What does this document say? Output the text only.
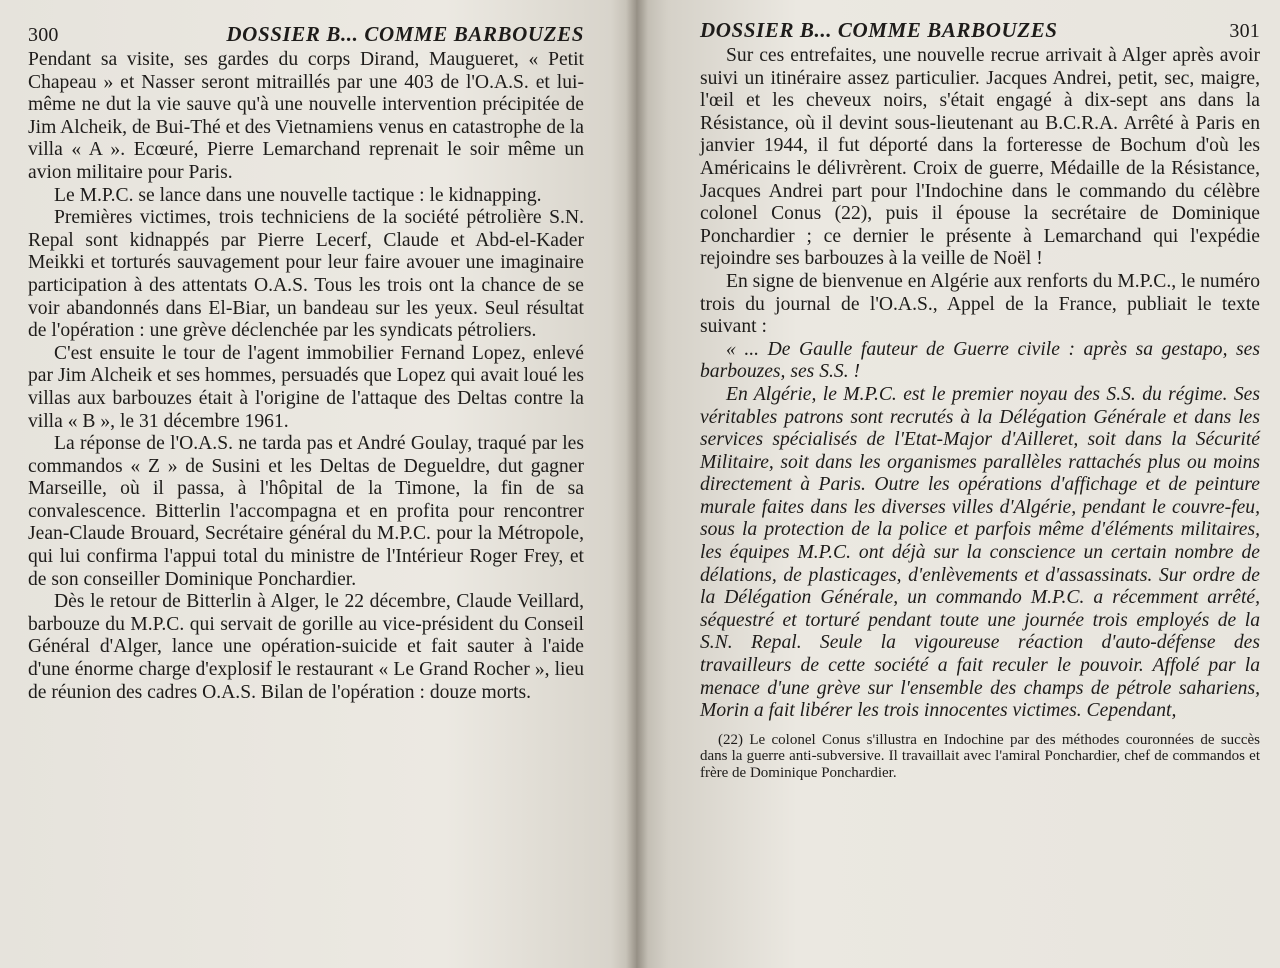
300	DOSSIER B... COMME BARBOUZES

Pendant sa visite, ses gardes du corps Dirand, Maugueret, « Petit Chapeau » et Nasser seront mitraillés par une 403 de l'O.A.S. et lui-même ne dut la vie sauve qu'à une nouvelle intervention précipitée de Jim Alcheik, de Bui-Thé et des Vietnamiens venus en catastrophe de la villa « A ». Ecœuré, Pierre Lemarchand reprenait le soir même un avion militaire pour Paris.

Le M.P.C. se lance dans une nouvelle tactique : le kidnapping.

Premières victimes, trois techniciens de la société pétrolière S.N. Repal sont kidnappés par Pierre Lecerf, Claude et Abd-el-Kader Meikki et torturés sauvagement pour leur faire avouer une imaginaire participation à des attentats O.A.S. Tous les trois ont la chance de se voir abandonnés dans El-Biar, un bandeau sur les yeux. Seul résultat de l'opération : une grève déclenchée par les syndicats pétroliers.

C'est ensuite le tour de l'agent immobilier Fernand Lopez, enlevé par Jim Alcheik et ses hommes, persuadés que Lopez qui avait loué les villas aux barbouzes était à l'origine de l'attaque des Deltas contre la villa « B », le 31 décembre 1961.

La réponse de l'O.A.S. ne tarda pas et André Goulay, traqué par les commandos « Z » de Susini et les Deltas de Degueldre, dut gagner Marseille, où il passa, à l'hôpital de la Timone, la fin de sa convalescence. Bitterlin l'accompagna et en profita pour rencontrer Jean-Claude Brouard, Secrétaire général du M.P.C. pour la Métropole, qui lui confirma l'appui total du ministre de l'Intérieur Roger Frey, et de son conseiller Dominique Ponchardier.

Dès le retour de Bitterlin à Alger, le 22 décembre, Claude Veillard, barbouze du M.P.C. qui servait de gorille au vice-président du Conseil Général d'Alger, lance une opération-suicide et fait sauter à l'aide d'une énorme charge d'explosif le restaurant « Le Grand Rocher », lieu de réunion des cadres O.A.S. Bilan de l'opération : douze morts.

DOSSIER B... COMME BARBOUZES	301

Sur ces entrefaites, une nouvelle recrue arrivait à Alger après avoir suivi un itinéraire assez particulier. Jacques Andrei, petit, sec, maigre, l'œil et les cheveux noirs, s'était engagé à dix-sept ans dans la Résistance, où il devint sous-lieutenant au B.C.R.A. Arrêté à Paris en janvier 1944, il fut déporté dans la forteresse de Bochum d'où les Américains le délivrèrent. Croix de guerre, Médaille de la Résistance, Jacques Andrei part pour l'Indochine dans le commando du célèbre colonel Conus (22), puis il épouse la secrétaire de Dominique Ponchardier ; ce dernier le présente à Lemarchand qui l'expédie rejoindre ses barbouzes à la veille de Noël !

En signe de bienvenue en Algérie aux renforts du M.P.C., le numéro trois du journal de l'O.A.S., Appel de la France, publiait le texte suivant :

« ... De Gaulle fauteur de Guerre civile : après sa gestapo, ses barbouzes, ses S.S. !

En Algérie, le M.P.C. est le premier noyau des S.S. du régime. Ses véritables patrons sont recrutés à la Délégation Générale et dans les services spécialisés de l'Etat-Major d'Ailleret, soit dans la Sécurité Militaire, soit dans les organismes parallèles rattachés plus ou moins directement à Paris. Outre les opérations d'affichage et de peinture murale faites dans les diverses villes d'Algérie, pendant le couvre-feu, sous la protection de la police et parfois même d'éléments militaires, les équipes M.P.C. ont déjà sur la conscience un certain nombre de délations, de plasticages, d'enlèvements et d'assassinats. Sur ordre de la Délégation Générale, un commando M.P.C. a récemment arrêté, séquestré et torturé pendant toute une journée trois employés de la S.N. Repal. Seule la vigoureuse réaction d'auto-défense des travailleurs de cette société a fait reculer le pouvoir. Affolé par la menace d'une grève sur l'ensemble des champs de pétrole sahariens, Morin a fait libérer les trois innocentes victimes. Cependant,

(22) Le colonel Conus s'illustra en Indochine par des méthodes couronnées de succès dans la guerre anti-subversive. Il travaillait avec l'amiral Ponchardier, chef de commandos et frère de Dominique Ponchardier.
